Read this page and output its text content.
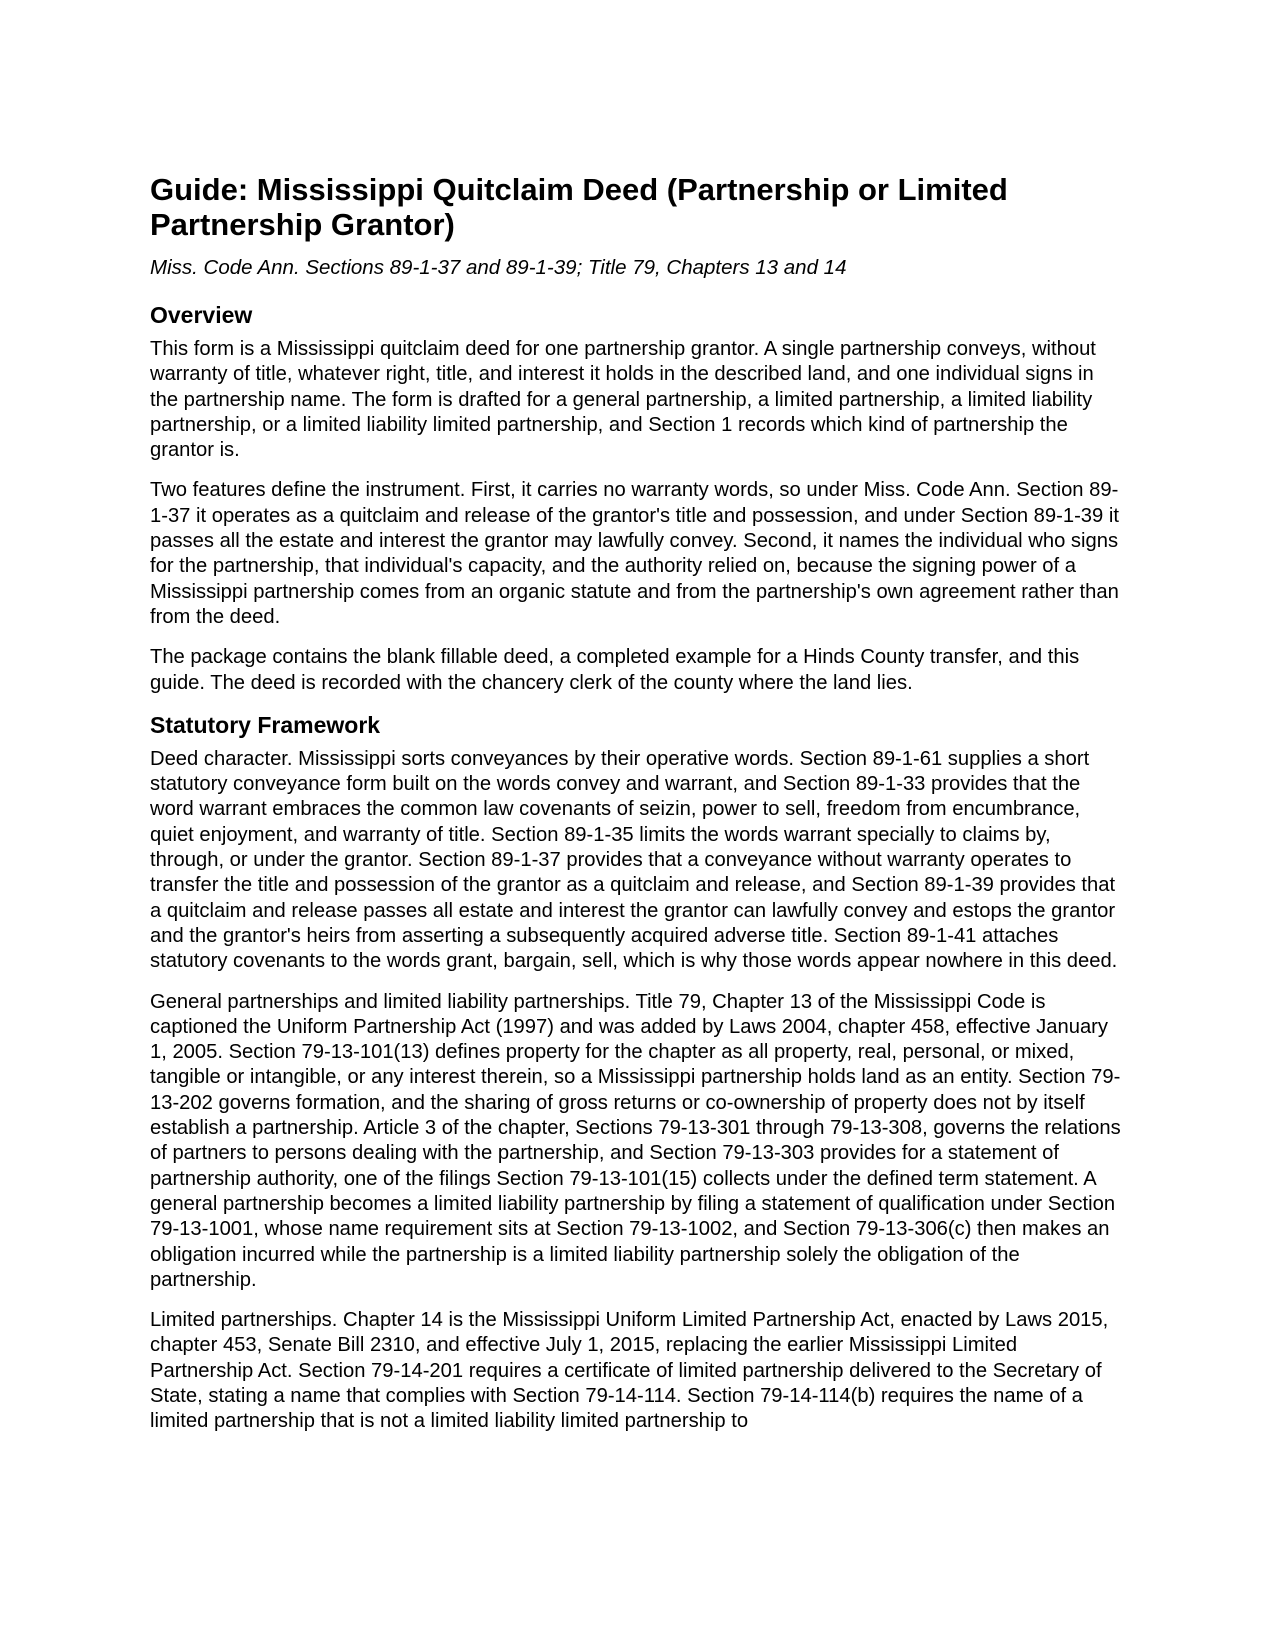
Guide: Mississippi Quitclaim Deed (Partnership or Limited Partnership Grantor)
Miss. Code Ann. Sections 89-1-37 and 89-1-39; Title 79, Chapters 13 and 14
Overview

This form is a Mississippi quitclaim deed for one partnership grantor. A single partnership conveys, without warranty of title, whatever right, title, and interest it holds in the described land, and one individual signs in the partnership name. The form is drafted for a general partnership, a limited partnership, a limited liability partnership, or a limited liability limited partnership, and Section 1 records which kind of partnership the grantor is.

Two features define the instrument. First, it carries no warranty words, so under Miss. Code Ann. Section 89-1-37 it operates as a quitclaim and release of the grantor's title and possession, and under Section 89-1-39 it passes all the estate and interest the grantor may lawfully convey. Second, it names the individual who signs for the partnership, that individual's capacity, and the authority relied on, because the signing power of a Mississippi partnership comes from an organic statute and from the partnership's own agreement rather than from the deed.

The package contains the blank fillable deed, a completed example for a Hinds County transfer, and this guide. The deed is recorded with the chancery clerk of the county where the land lies.

Statutory Framework

Deed character. Mississippi sorts conveyances by their operative words. Section 89-1-61 supplies a short statutory conveyance form built on the words convey and warrant, and Section 89-1-33 provides that the word warrant embraces the common law covenants of seizin, power to sell, freedom from encumbrance, quiet enjoyment, and warranty of title. Section 89-1-35 limits the words warrant specially to claims by, through, or under the grantor. Section 89-1-37 provides that a conveyance without warranty operates to transfer the title and possession of the grantor as a quitclaim and release, and Section 89-1-39 provides that a quitclaim and release passes all estate and interest the grantor can lawfully convey and estops the grantor and the grantor's heirs from asserting a subsequently acquired adverse title. Section 89-1-41 attaches statutory covenants to the words grant, bargain, sell, which is why those words appear nowhere in this deed.

General partnerships and limited liability partnerships. Title 79, Chapter 13 of the Mississippi Code is captioned the Uniform Partnership Act (1997) and was added by Laws 2004, chapter 458, effective January 1, 2005. Section 79-13-101(13) defines property for the chapter as all property, real, personal, or mixed, tangible or intangible, or any interest therein, so a Mississippi partnership holds land as an entity. Section 79-13-202 governs formation, and the sharing of gross returns or co-ownership of property does not by itself establish a partnership. Article 3 of the chapter, Sections 79-13-301 through 79-13-308, governs the relations of partners to persons dealing with the partnership, and Section 79-13-303 provides for a statement of partnership authority, one of the filings Section 79-13-101(15) collects under the defined term statement. A general partnership becomes a limited liability partnership by filing a statement of qualification under Section 79-13-1001, whose name requirement sits at Section 79-13-1002, and Section 79-13-306(c) then makes an obligation incurred while the partnership is a limited liability partnership solely the obligation of the partnership.

Limited partnerships. Chapter 14 is the Mississippi Uniform Limited Partnership Act, enacted by Laws 2015, chapter 453, Senate Bill 2310, and effective July 1, 2015, replacing the earlier Mississippi Limited Partnership Act. Section 79-14-201 requires a certificate of limited partnership delivered to the Secretary of State, stating a name that complies with Section 79-14-114. Section 79-14-114(b) requires the name of a limited partnership that is not a limited liability limited partnership to
